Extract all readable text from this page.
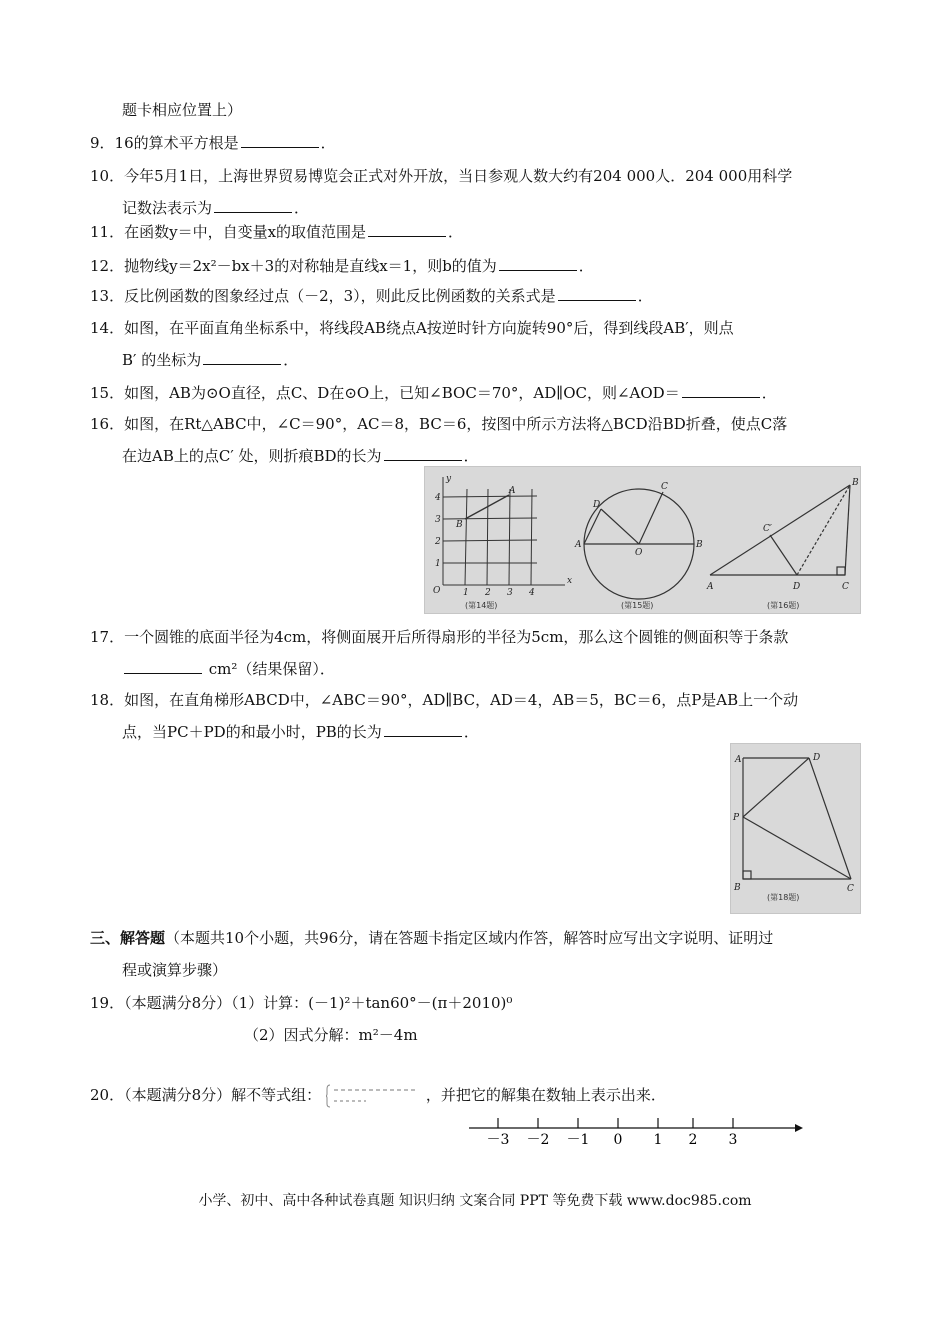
题卡相应位置上）
9．16的算术平方根是	．
10．今年5月1日，上海世界贸易博览会正式对外开放，当日参观人数大约有204 000人．204 000用科学
记数法表示为	．
11．在函数y＝中，自变量x的取值范围是	．
12．抛物线y＝2x²－bx＋3的对称轴是直线x＝1，则b的值为	．
13．反比例函数的图象经过点（－2，3），则此反比例函数的关系式是	．
14．如图，在平面直角坐标系中，将线段AB绕点A按逆时针方向旋转90°后，得到线段AB′，则点
B′ 的坐标为	．
15．如图，AB为⊙O直径，点C、D在⊙O上，已知∠BOC＝70°，AD∥OC，则∠AOD＝	．
16．如图，在Rt△ABC中，∠C＝90°，AC＝8，BC＝6，按图中所示方法将△BCD沿BD折叠，使点C落
在边AB上的点C′ 处，则折痕BD的长为	．
y
x
O
A
B
1 2 3 4
1
2
3
4
(第14题)
O
A	B
C
D
(第15题)
B
C′
A	D	C
(第16题)
17．一个圆锥的底面半径为4cm，将侧面展开后所得扇形的半径为5cm，那么这个圆锥的侧面积等于条款
cm²（结果保留）．
18．如图，在直角梯形ABCD中，∠ABC＝90°，AD∥BC，AD＝4，AB＝5，BC＝6，点P是AB上一个动
点，当PC＋PD的和最小时，PB的长为	．
A	D
P
B	C
(第18题)
三、解答题（本题共10个小题，共96分，请在答题卡指定区域内作答，解答时应写出文字说明、证明过
程或演算步骤）
19．（本题满分8分）（1）计算：(－1)²＋tan60°－(π＋2010)⁰
（2）因式分解：m²－4m
20．（本题满分8分）解不等式组：	，并把它的解集在数轴上表示出来．
－3 －2 －1 0 1 2 3
小学、初中、高中各种试卷真题 知识归纳 文案合同 PPT 等免费下载 www.doc985.com
